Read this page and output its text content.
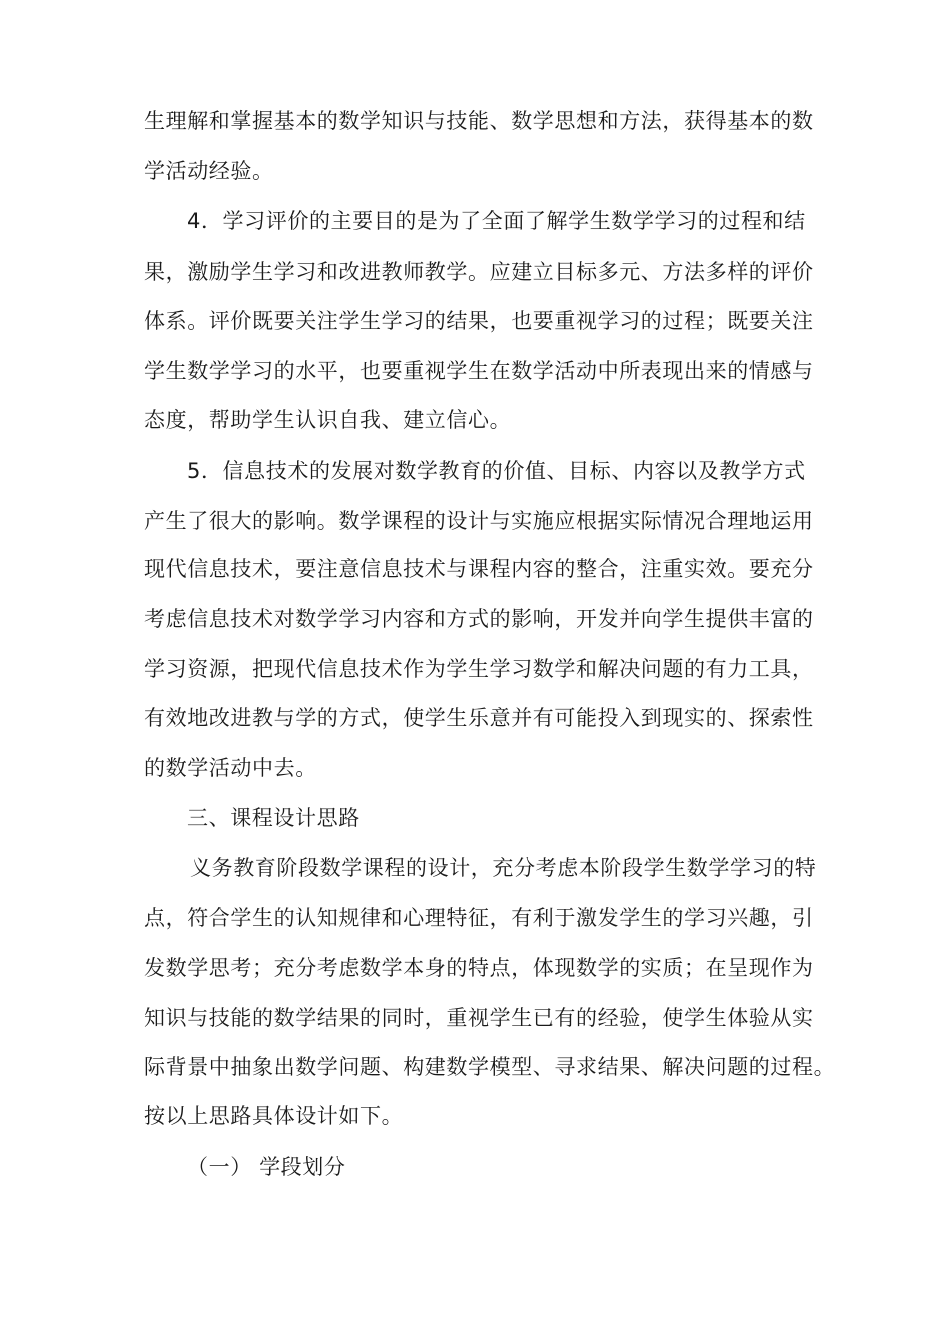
生理解和掌握基本的数学知识与技能、数学思想和方法，获得基本的数
学活动经验。
4．学习评价的主要目的是为了全面了解学生数学学习的过程和结
果，激励学生学习和改进教师教学。应建立目标多元、方法多样的评价
体系。评价既要关注学生学习的结果，也要重视学习的过程；既要关注
学生数学学习的水平，也要重视学生在数学活动中所表现出来的情感与
态度，帮助学生认识自我、建立信心。
5．信息技术的发展对数学教育的价值、目标、内容以及教学方式
产生了很大的影响。数学课程的设计与实施应根据实际情况合理地运用
现代信息技术，要注意信息技术与课程内容的整合，注重实效。要充分
考虑信息技术对数学学习内容和方式的影响，开发并向学生提供丰富的
学习资源，把现代信息技术作为学生学习数学和解决问题的有力工具，
有效地改进教与学的方式，使学生乐意并有可能投入到现实的、探索性
的数学活动中去。
三、课程设计思路
义务教育阶段数学课程的设计，充分考虑本阶段学生数学学习的特
点，符合学生的认知规律和心理特征，有利于激发学生的学习兴趣，引
发数学思考；充分考虑数学本身的特点，体现数学的实质；在呈现作为
知识与技能的数学结果的同时，重视学生已有的经验，使学生体验从实
际背景中抽象出数学问题、构建数学模型、寻求结果、解决问题的过程。
按以上思路具体设计如下。
（一） 学段划分
